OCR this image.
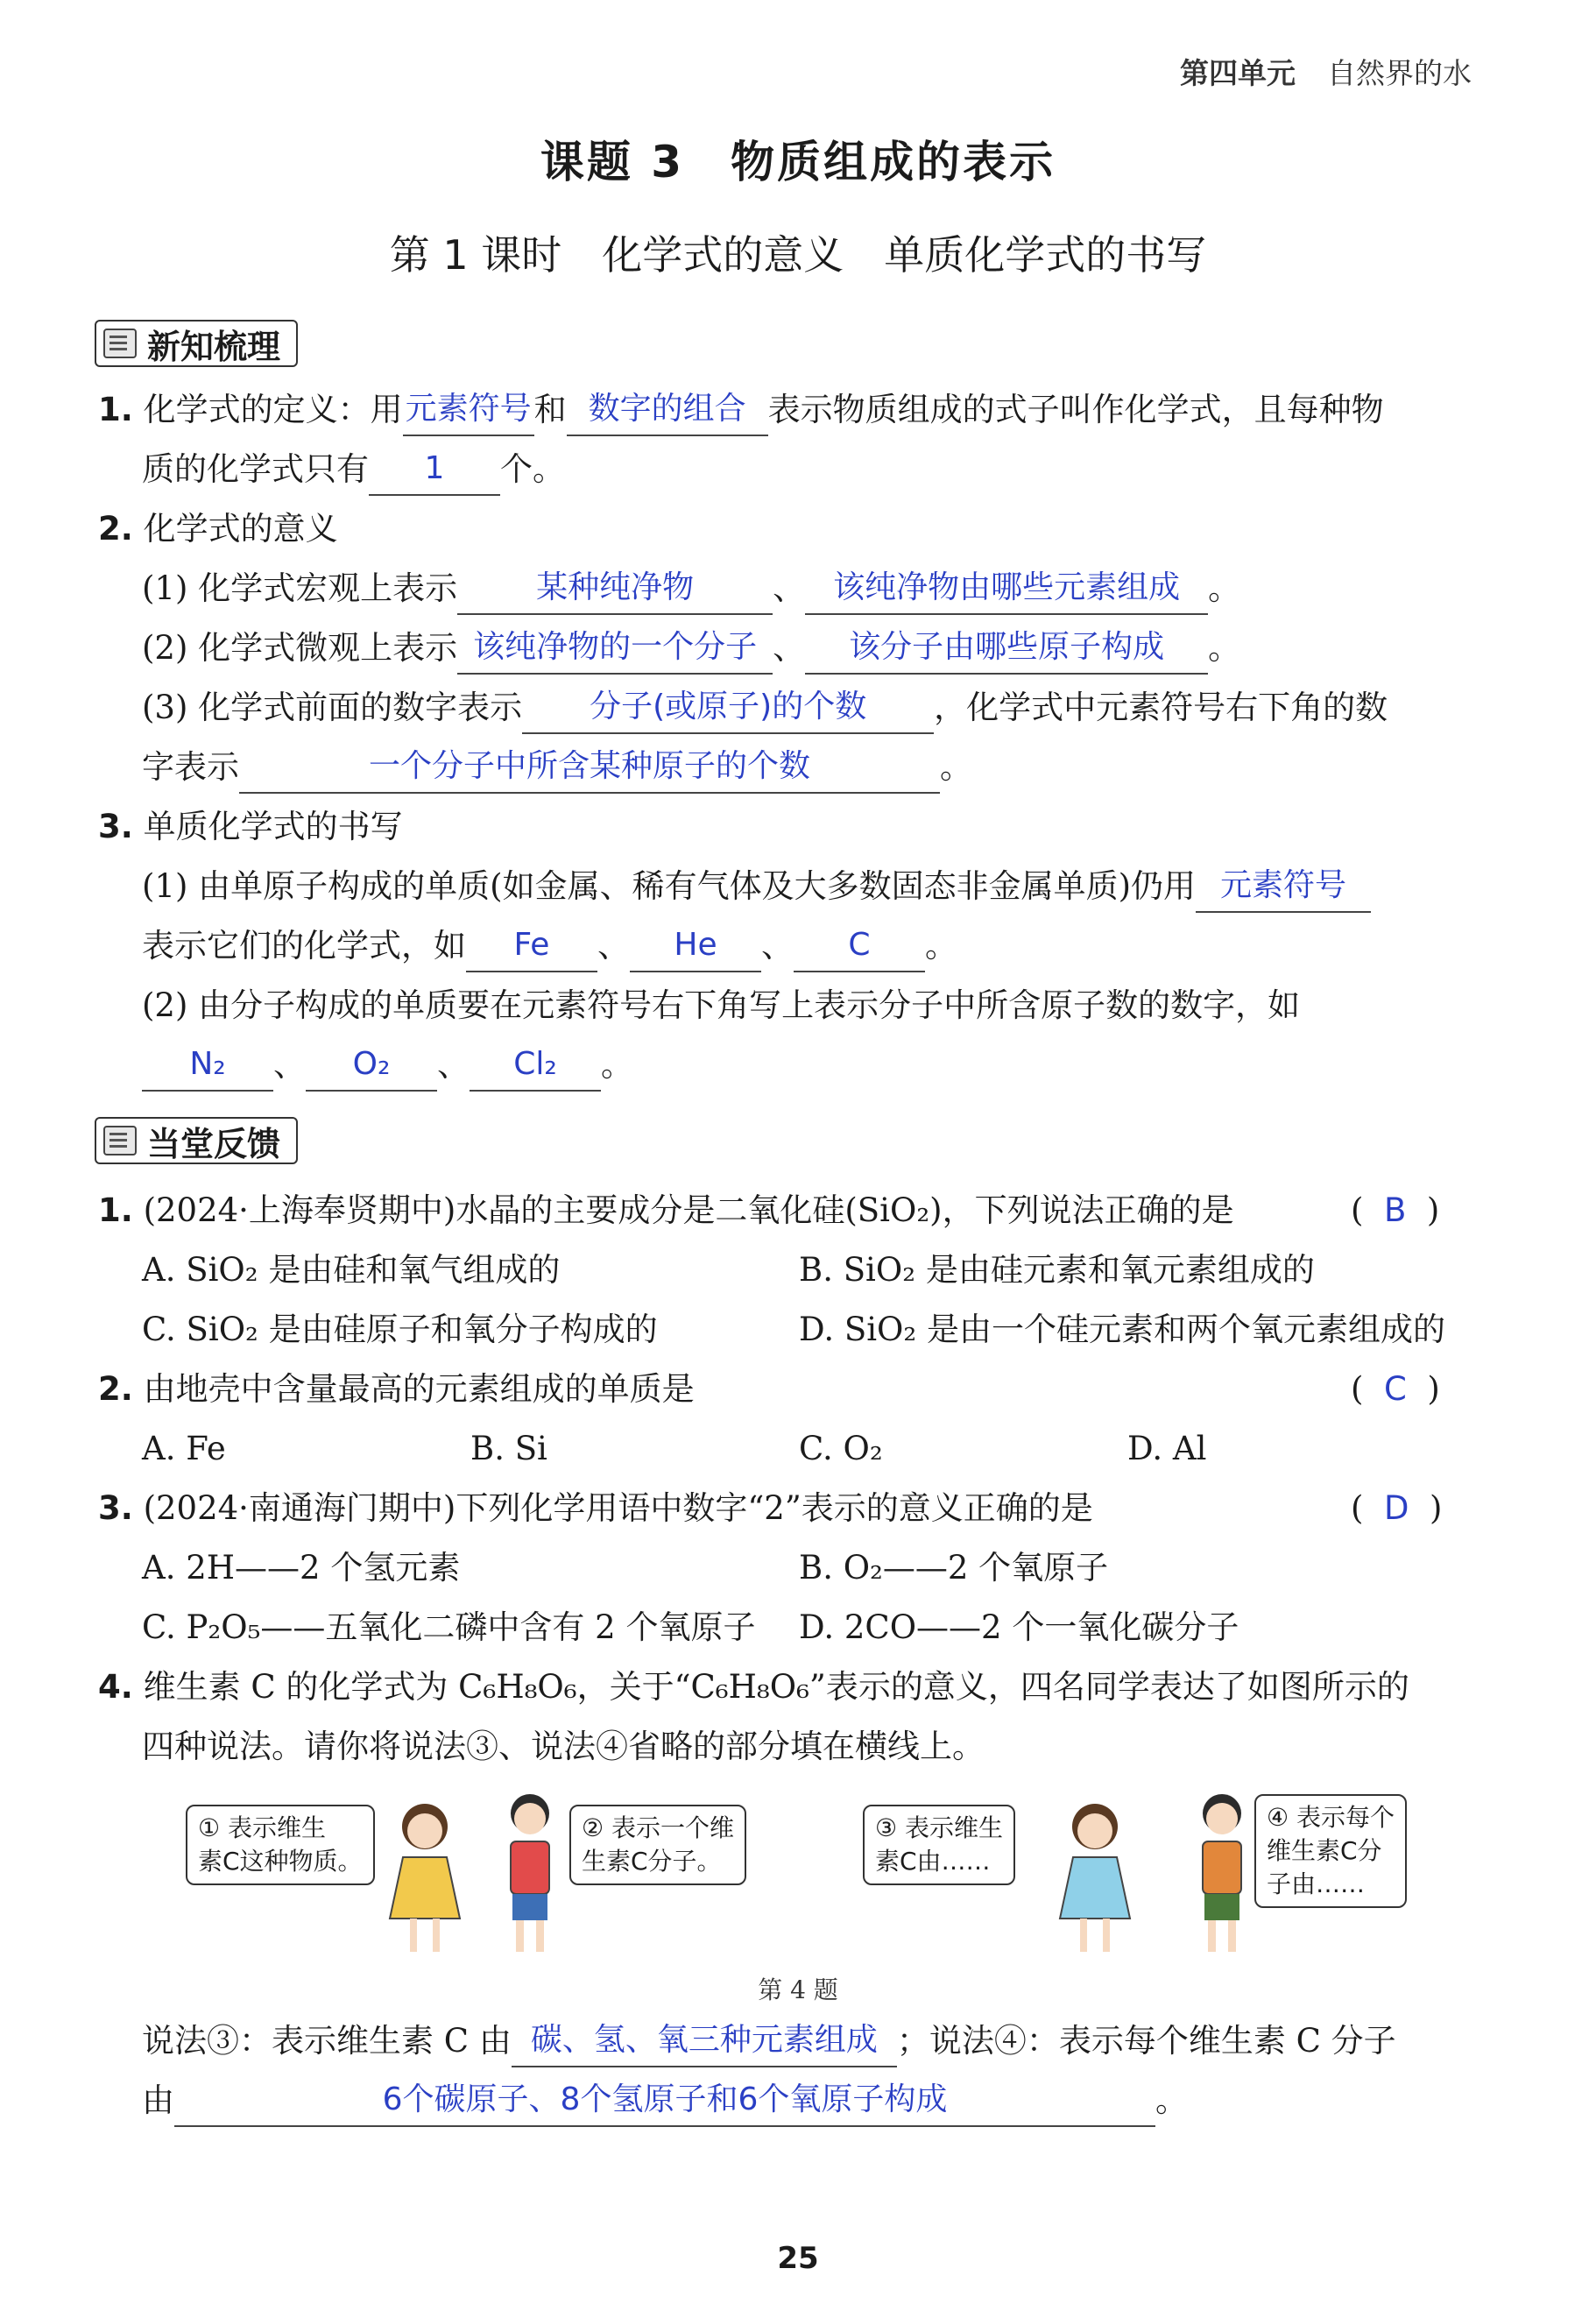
第四单元 自然界的水
课题 3　物质组成的表示
第 1 课时　化学式的意义　单质化学式的书写
新知梳理
1. 化学式的定义：用元素符号和 数字的组合 表示物质组成的式子叫作化学式，且每种物
质的化学式只有 1 个。
2. 化学式的意义
(1) 化学式宏观上表示 某种纯净物 、 该纯净物由哪些元素组成 。
(2) 化学式微观上表示 该纯净物的一个分子 、 该分子由哪些原子构成 。
(3) 化学式前面的数字表示 分子(或原子)的个数 ，化学式中元素符号右下角的数
字表示	一个分子中所含某种原子的个数	。
3. 单质化学式的书写
(1) 由单原子构成的单质(如金属、稀有气体及大多数固态非金属单质)仍用 元素符号
表示它们的化学式，如 Fe 、 He 、 C 。
(2) 由分子构成的单质要在元素符号右下角写上表示分子中所含原子数的数字，如
N₂ 、 O₂ 、 Cl₂ 。
当堂反馈
1. (2024·上海奉贤期中)水晶的主要成分是二氧化硅(SiO₂)，下列说法正确的是	( B )
A. SiO₂ 是由硅和氧气组成的	B. SiO₂ 是由硅元素和氧元素组成的
C. SiO₂ 是由硅原子和氧分子构成的	D. SiO₂ 是由一个硅元素和两个氧元素组成的
2. 由地壳中含量最高的元素组成的单质是	( C )
A. Fe	B. Si	C. O₂	D. Al
3. (2024·南通海门期中)下列化学用语中数字“2”表示的意义正确的是	( D )
A. 2H——2 个氢元素	B. O₂——2 个氧原子
C. P₂O₅——五氧化二磷中含有 2 个氧原子 D. 2CO——2 个一氧化碳分子
4. 维生素 C 的化学式为 C₆H₈O₆，关于“C₆H₈O₆”表示的意义，四名同学表达了如图所示的
四种说法。请你将说法③、说法④省略的部分填在横线上。
① 表示维生
素C这种物质。
② 表示一个维
生素C分子。
③ 表示维生
素C由……
④ 表示每个
维生素C分
子由……
第 4 题
说法③：表示维生素 C 由 碳、氢、氧三种元素组成 ；说法④：表示每个维生素 C 分子
由	6个碳原子、8个氢原子和6个氧原子构成	。
25
